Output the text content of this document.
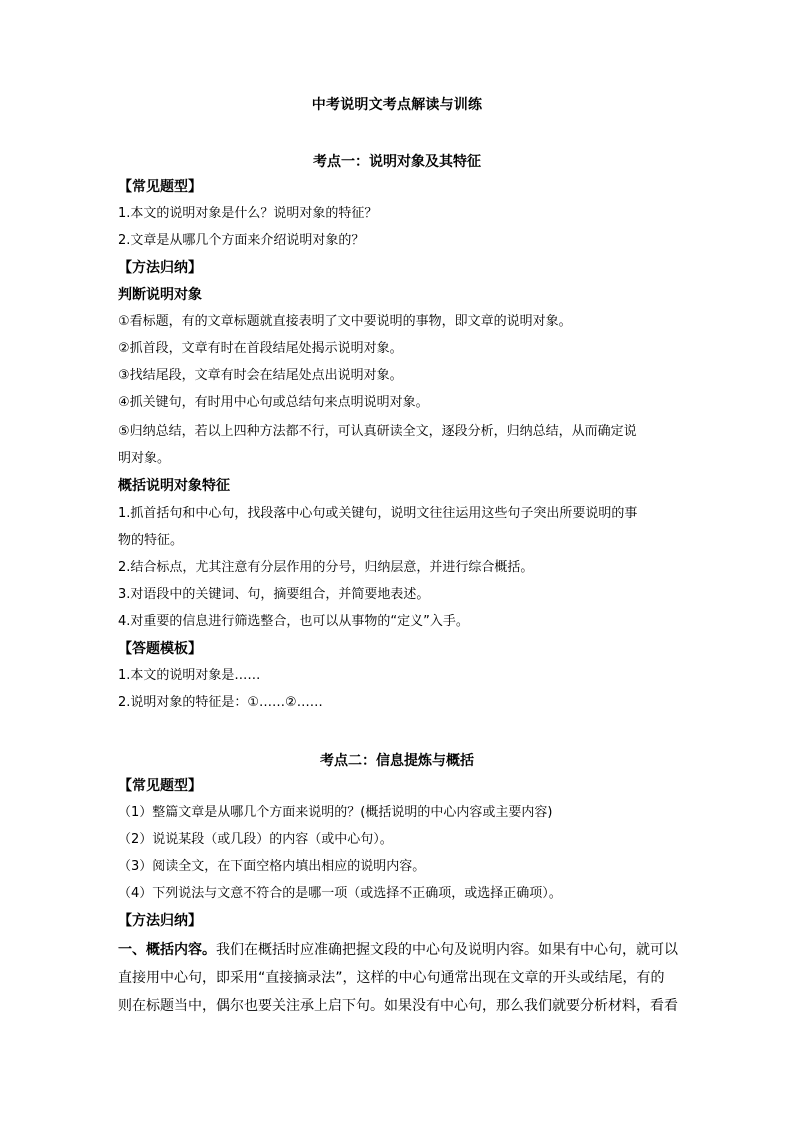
中考说明文考点解读与训练
考点一：说明对象及其特征
【常见题型】
1.本文的说明对象是什么？说明对象的特征？
2.文章是从哪几个方面来介绍说明对象的？
【方法归纳】
判断说明对象
①看标题，有的文章标题就直接表明了文中要说明的事物，即文章的说明对象。
②抓首段，文章有时在首段结尾处揭示说明对象。
③找结尾段，文章有时会在结尾处点出说明对象。
④抓关键句，有时用中心句或总结句来点明说明对象。
⑤归纳总结，若以上四种方法都不行，可认真研读全文，逐段分析，归纳总结，从而确定说
明对象。
概括说明对象特征
1.抓首括句和中心句，找段落中心句或关键句，说明文往往运用这些句子突出所要说明的事
物的特征。
2.结合标点，尤其注意有分层作用的分号，归纳层意，并进行综合概括。
3.对语段中的关键词、句，摘要组合，并简要地表述。
4.对重要的信息进行筛选整合，也可以从事物的“定义”入手。
【答题模板】
1.本文的说明对象是……
2.说明对象的特征是：①……②……
考点二：信息提炼与概括
【常见题型】
（1）整篇文章是从哪几个方面来说明的？(概括说明的中心内容或主要内容)
（2）说说某段（或几段）的内容（或中心句）。
（3）阅读全文，在下面空格内填出相应的说明内容。
（4）下列说法与文意不符合的是哪一项（或选择不正确项，或选择正确项）。
【方法归纳】
一、概括内容。我们在概括时应准确把握文段的中心句及说明内容。如果有中心句，就可以
直接用中心句，即采用“直接摘录法”，这样的中心句通常出现在文章的开头或结尾，有的
则在标题当中，偶尔也要关注承上启下句。如果没有中心句，那么我们就要分析材料，看看
